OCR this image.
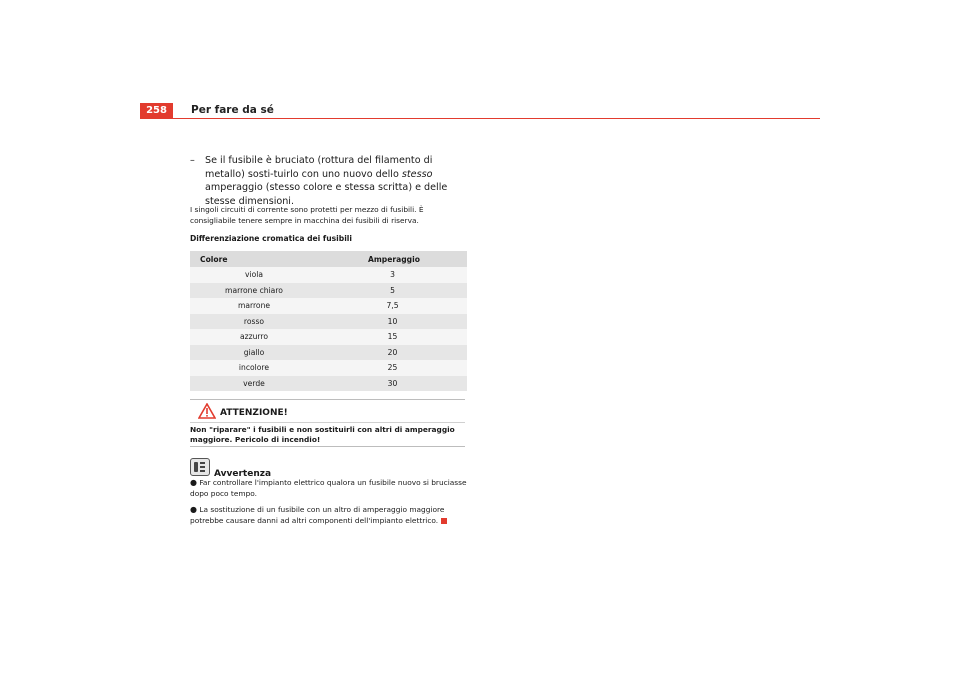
258	Per fare da sé
– Se il fusibile è bruciato (rottura del filamento di metallo) sosti-tuirlo con uno nuovo dello stesso amperaggio (stesso colore e stessa scritta) e delle stesse dimensioni.
I singoli circuiti di corrente sono protetti per mezzo di fusibili. È consigliabile tenere sempre in macchina dei fusibili di riserva.
Differenziazione cromatica dei fusibili
Colore	Amperaggio
viola	3
marrone chiaro	5
marrone	7,5
rosso	10
azzurro	15
giallo	20
incolore	25
verde	30
ATTENZIONE!
Non "riparare" i fusibili e non sostituirli con altri di amperaggio maggiore. Pericolo di incendio!
Avvertenza
● Far controllare l'impianto elettrico qualora un fusibile nuovo si bruciasse dopo poco tempo.
● La sostituzione di un fusibile con un altro di amperaggio maggiore potrebbe causare danni ad altri componenti dell'impianto elettrico.
